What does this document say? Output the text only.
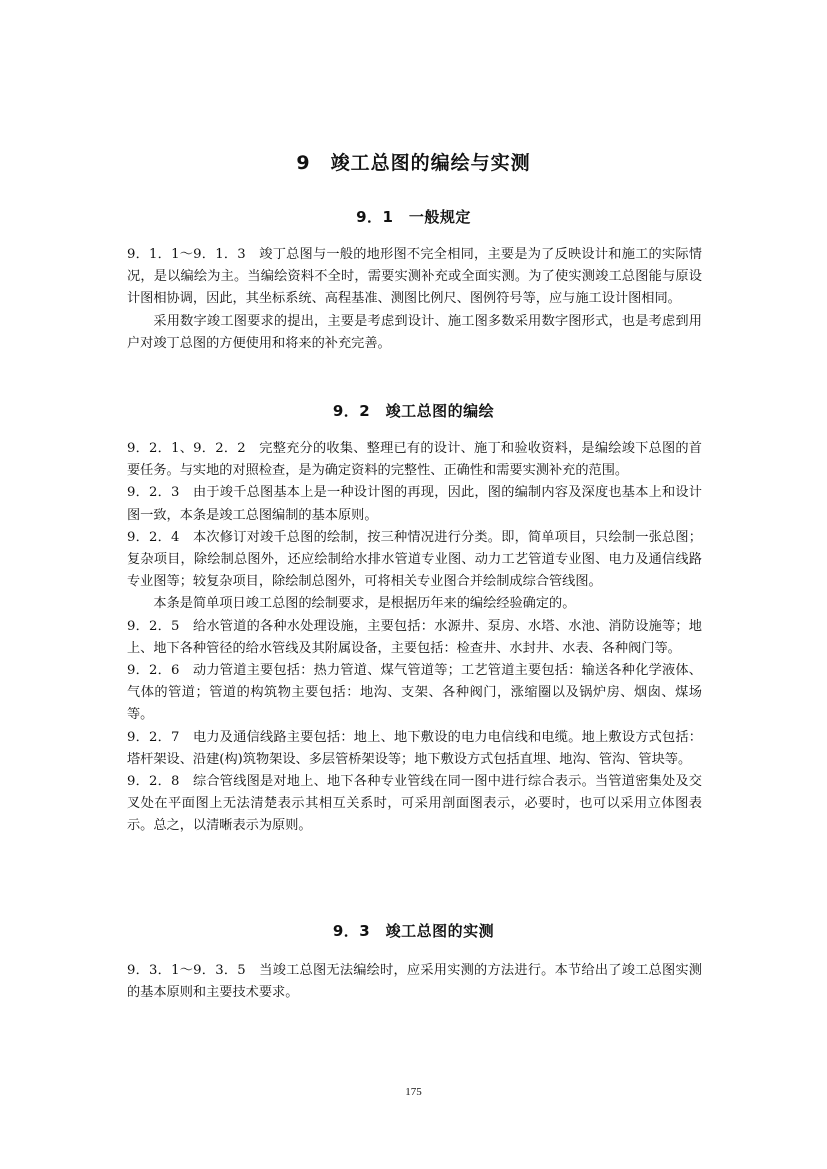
9　竣工总图的编绘与实测
9．1　一般规定

9．1．1～9．1．3　竣丁总图与一般的地形图不完全相同，主要是为了反映设计和施工的实际情况，是以编绘为主。当编绘资料不全时，需要实测补充或全面实测。为了使实测竣工总图能与原设计图相协调，因此，其坐标系统、高程基准、测图比例尺、图例符号等，应与施工设计图相同。

采用数字竣工图要求的提出，主要是考虑到设计、施工图多数采用数字图形式，也是考虑到用户对竣丁总图的方便使用和将来的补充完善。

9．2　竣工总图的编绘

9．2．1、9．2．2　完整充分的收集、整理已有的设计、施丁和验收资料，是编绘竣下总图的首要任务。与实地的对照检查，是为确定资料的完整性、正确性和需要实测补充的范围。

9．2．3　由于竣千总图基本上是一种设计图的再现，因此，图的编制内容及深度也基本上和设计图一致，本条是竣工总图编制的基本原则。

9．2．4　本次修订对竣千总图的绘制，按三种情况进行分类。即，简单项目，只绘制一张总图；复杂项目，除绘制总图外，还应绘制给水排水管道专业图、动力工艺管道专业图、电力及通信线路专业图等；较复杂项目，除绘制总图外，可将相关专业图合并绘制成综合管线图。

本条是简单项日竣工总图的绘制要求，是根据历年来的编绘经验确定的。

9．2．5　给水管道的各种水处理设施，主要包括：水源井、泵房、水塔、水池、消防设施等；地上、地下各种管径的给水管线及其附属设备，主要包括：检查井、水封井、水表、各种阀门等。

9．2．6　动力管道主要包括：热力管道、煤气管道等；工艺管道主要包括：输送各种化学液体、气体的管道；管道的构筑物主要包括：地沟、支架、各种阀门，涨缩圈以及锅炉房、烟囱、煤场等。

9．2．7　电力及通信线路主要包括：地上、地下敷设的电力电信线和电缆。地上敷设方式包括：塔杆架设、沿建(构)筑物架设、多层管桥架设等；地下敷设方式包括直埋、地沟、管沟、管块等。

9．2．8　综合管线图是对地上、地下各种专业管线在同一图中进行综合表示。当管道密集处及交叉处在平面图上无法清楚表示其相互关系时，可采用剖面图表示，必要时，也可以采用立体图表示。总之，以清晰表示为原则。

9．3　竣工总图的实测

9．3．1～9．3．5　当竣工总图无法编绘时，应采用实测的方法进行。本节给出了竣工总图实测的基本原则和主要技术要求。

175
